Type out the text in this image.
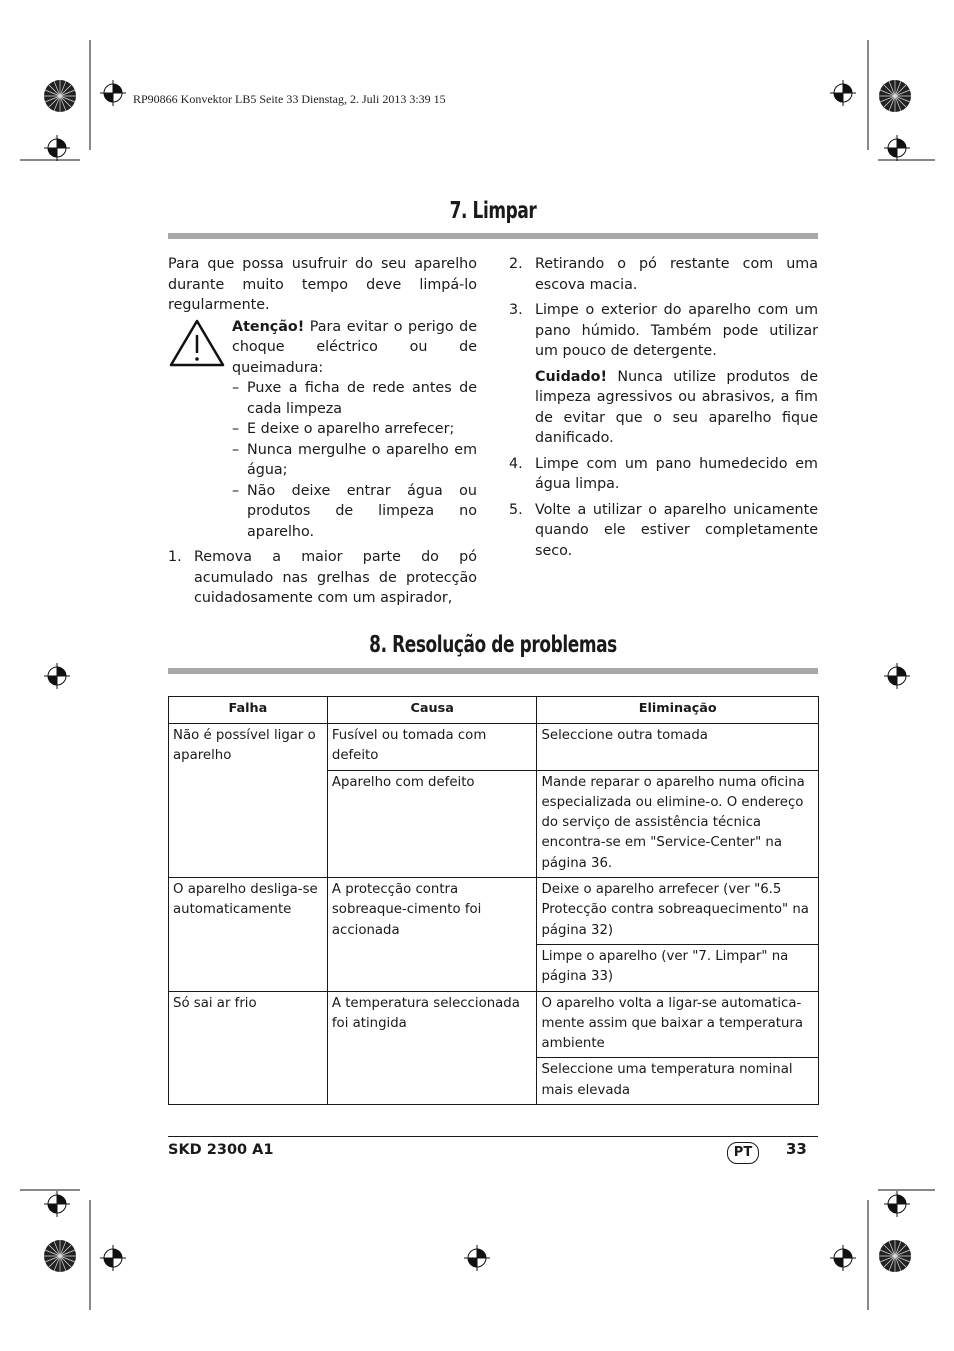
RP90866 Konvektor LB5 Seite 33 Dienstag, 2. Juli 2013 3:39 15
7. Limpar

Para que possa usufruir do seu aparelho durante muito tempo deve limpá-lo regularmente.

Atenção! Para evitar o perigo de choque eléctrico ou de queimadura:

– Puxe a ficha de rede antes de cada limpeza
– E deixe o aparelho arrefecer;
– Nunca mergulhe o aparelho em água;
– Não deixe entrar água ou produtos de limpeza no aparelho.
1. Remova a maior parte do pó acumulado nas grelhas de protecção cuidadosamente com um aspirador,
2. Retirando o pó restante com uma escova macia.
3. Limpe o exterior do aparelho com um pano húmido. Também pode utilizar um pouco de detergente.
Cuidado! Nunca utilize produtos de limpeza agressivos ou abrasivos, a fim de evitar que o seu aparelho fique danificado.
4. Limpe com um pano humedecido em água limpa.
5. Volte a utilizar o aparelho unicamente quando ele estiver completamente seco.
8. Resolução de problemas
Falha	Causa	Eliminação
Não é possível ligar o aparelho	Fusível ou tomada com defeito	Seleccione outra tomada
	Aparelho com defeito	Mande reparar o aparelho numa oficina especializada ou elimine-o. O endereço do serviço de assistência técnica encontra-se em "Service-Center" na página 36.
O aparelho desliga-se automaticamente	A protecção contra sobreaque-cimento foi accionada	Deixe o aparelho arrefecer (ver "6.5 Protecção contra sobreaquecimento" na página 32)
		Limpe o aparelho (ver "7. Limpar" na página 33)
Só sai ar frio	A temperatura seleccionada foi atingida	O aparelho volta a ligar-se automatica-mente assim que baixar a temperatura ambiente
		Seleccione uma temperatura nominal mais elevada
SKD 2300 A1	PT	33
